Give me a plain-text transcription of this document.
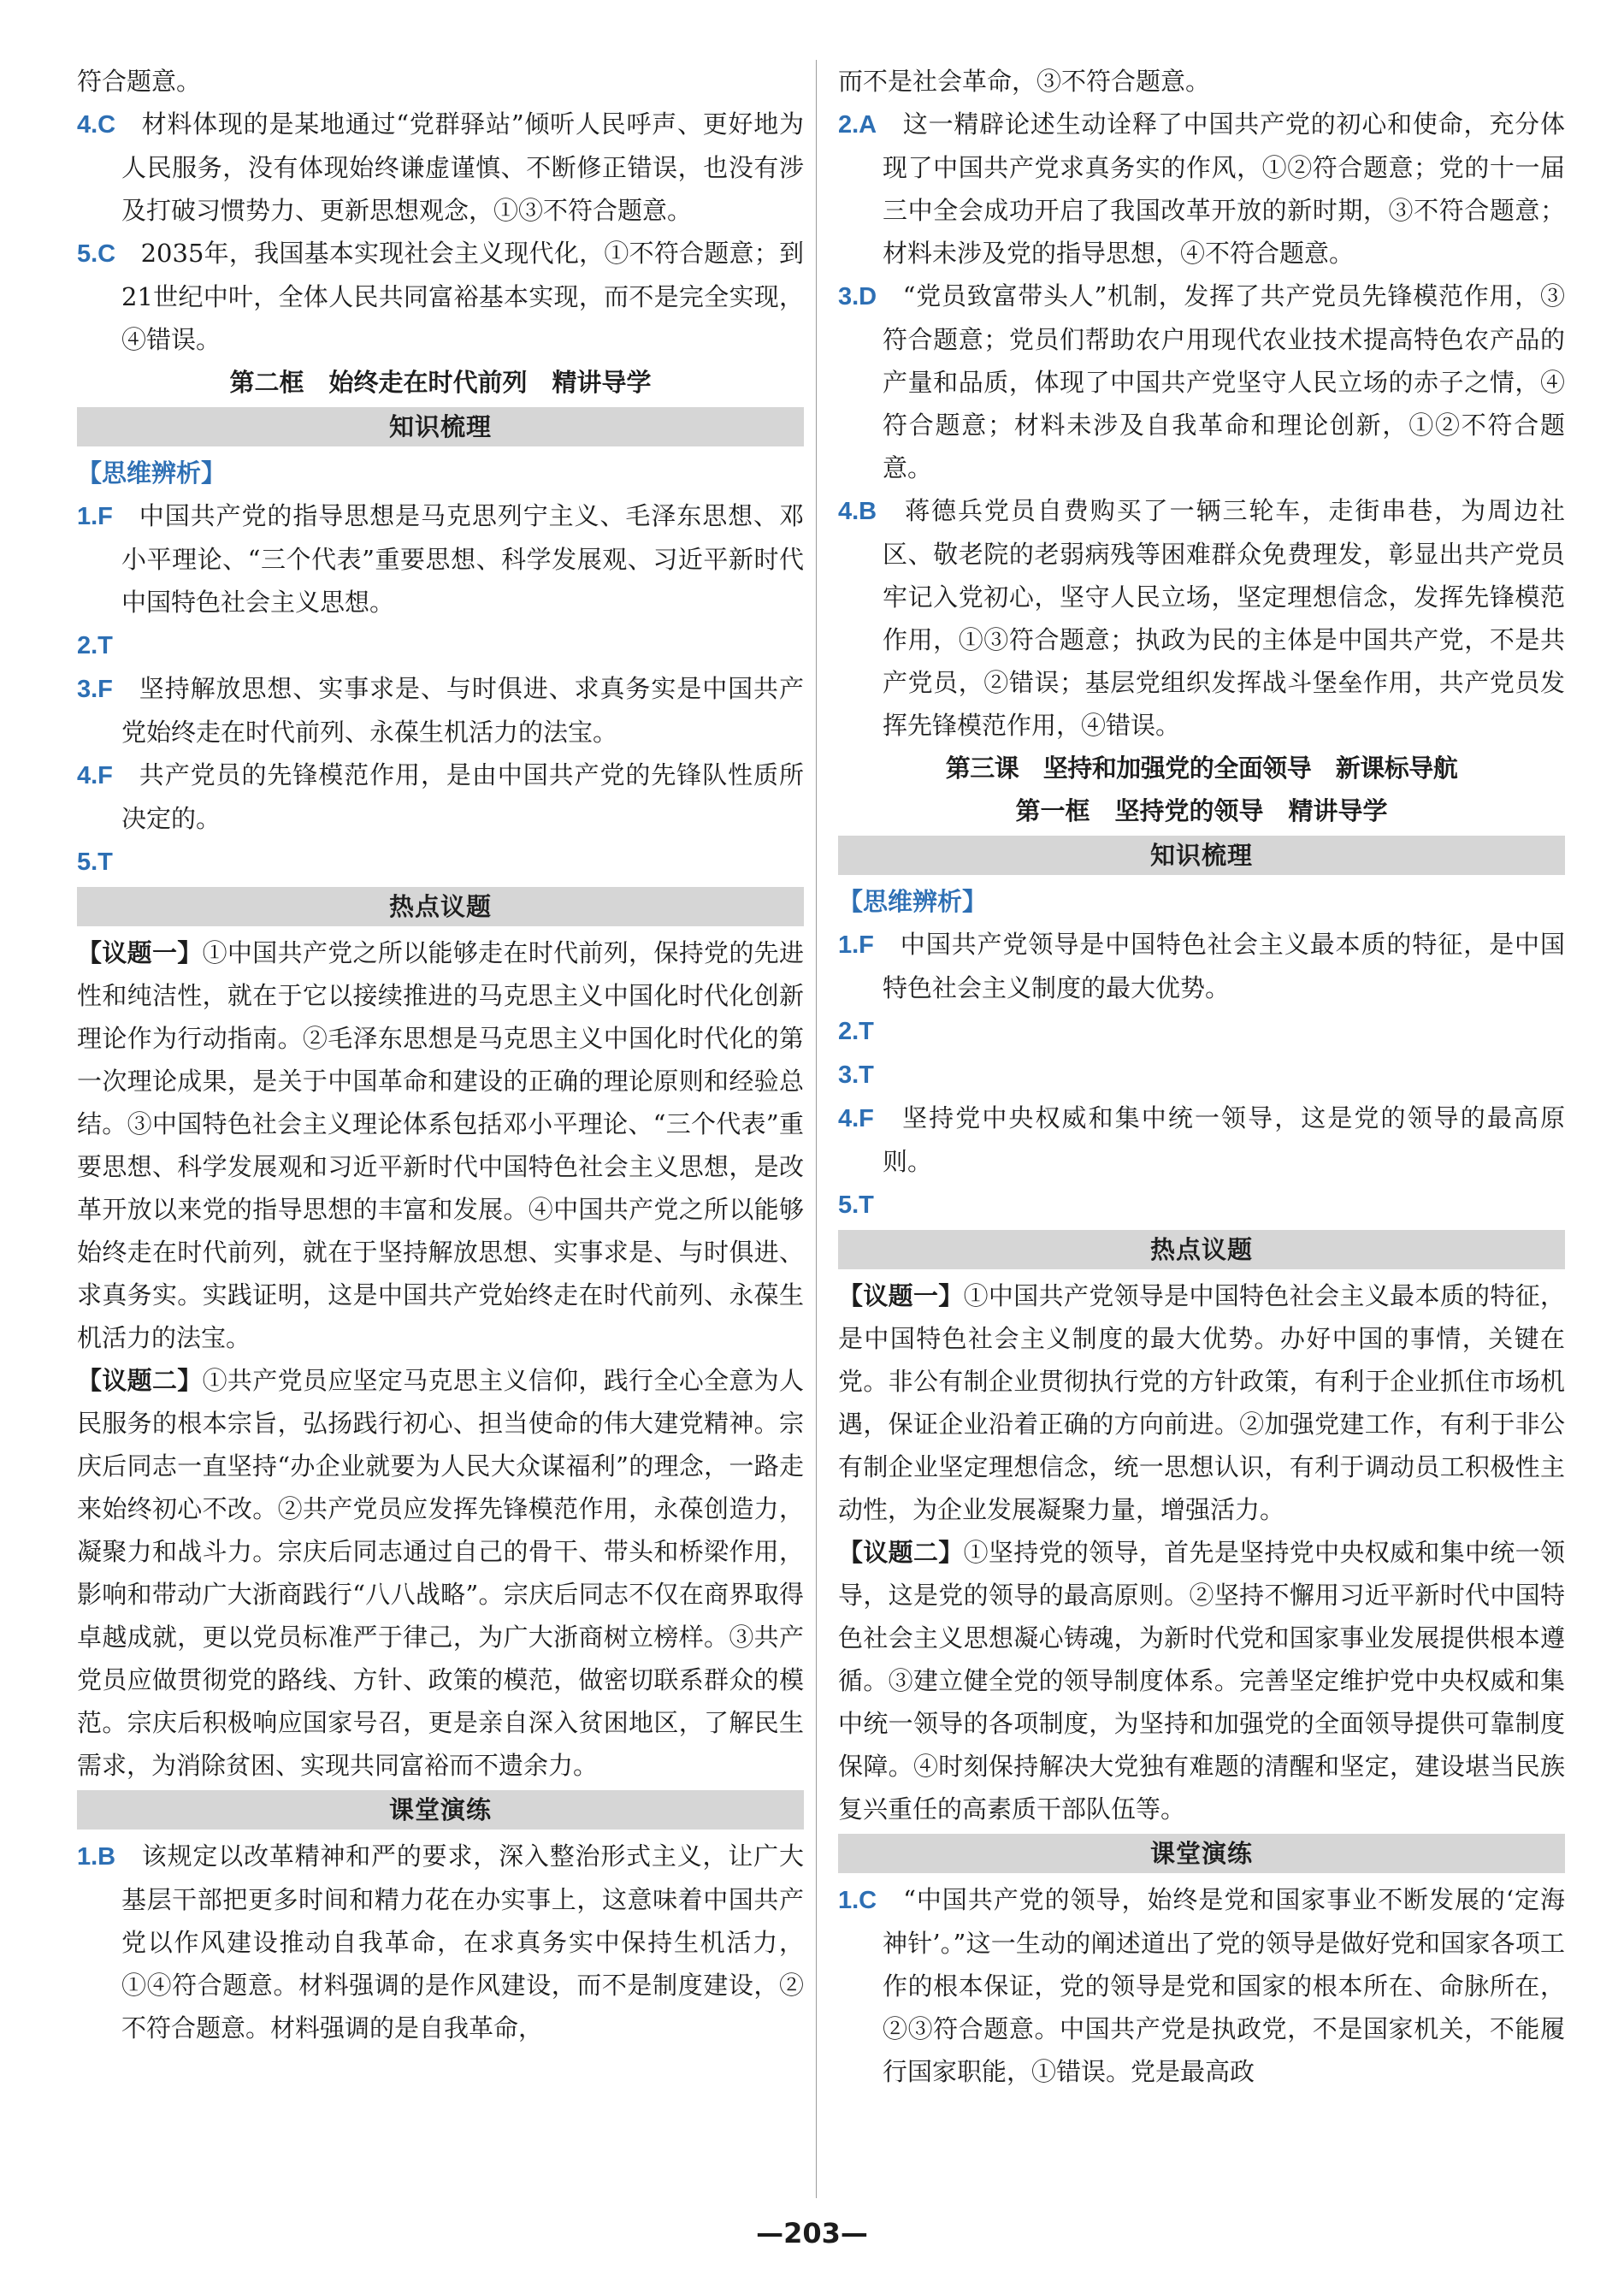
符合题意。

4.C　 材料体现的是某地通过“党群驿站”倾听人民呼声、更好地为人民服务，没有体现始终谦虚谨慎、不断修正错误，也没有涉及打破习惯势力、更新思想观念，①③不符合题意。

5.C　 2035年，我国基本实现社会主义现代化，①不符合题意；到21世纪中叶，全体人民共同富裕基本实现，而不是完全实现，④错误。

第二框　始终走在时代前列　精讲导学

知识梳理

【思维辨析】

1.F　 中国共产党的指导思想是马克思列宁主义、毛泽东思想、邓小平理论、“三个代表”重要思想、科学发展观、习近平新时代中国特色社会主义思想。

2.T

3.F　 坚持解放思想、实事求是、与时俱进、求真务实是中国共产党始终走在时代前列、永葆生机活力的法宝。

4.F　 共产党员的先锋模范作用，是由中国共产党的先锋队性质所决定的。

5.T

热点议题

【议题一】①中国共产党之所以能够走在时代前列，保持党的先进性和纯洁性，就在于它以接续推进的马克思主义中国化时代化创新理论作为行动指南。②毛泽东思想是马克思主义中国化时代化的第一次理论成果，是关于中国革命和建设的正确的理论原则和经验总结。③中国特色社会主义理论体系包括邓小平理论、“三个代表”重要思想、科学发展观和习近平新时代中国特色社会主义思想，是改革开放以来党的指导思想的丰富和发展。④中国共产党之所以能够始终走在时代前列，就在于坚持解放思想、实事求是、与时俱进、求真务实。实践证明，这是中国共产党始终走在时代前列、永葆生机活力的法宝。

【议题二】①共产党员应坚定马克思主义信仰，践行全心全意为人民服务的根本宗旨，弘扬践行初心、担当使命的伟大建党精神。宗庆后同志一直坚持“办企业就要为人民大众谋福利”的理念，一路走来始终初心不改。②共产党员应发挥先锋模范作用，永葆创造力，凝聚力和战斗力。宗庆后同志通过自己的骨干、带头和桥梁作用，影响和带动广大浙商践行“八八战略”。宗庆后同志不仅在商界取得卓越成就，更以党员标准严于律己，为广大浙商树立榜样。③共产党员应做贯彻党的路线、方针、政策的模范，做密切联系群众的模范。宗庆后积极响应国家号召，更是亲自深入贫困地区，了解民生需求，为消除贫困、实现共同富裕而不遗余力。

课堂演练

1.B　 该规定以改革精神和严的要求，深入整治形式主义，让广大基层干部把更多时间和精力花在办实事上，这意味着中国共产党以作风建设推动自我革命，在求真务实中保持生机活力，①④符合题意。材料强调的是作风建设，而不是制度建设，②不符合题意。材料强调的是自我革命，

而不是社会革命，③不符合题意。

2.A　 这一精辟论述生动诠释了中国共产党的初心和使命，充分体现了中国共产党求真务实的作风，①②符合题意；党的十一届三中全会成功开启了我国改革开放的新时期，③不符合题意；材料未涉及党的指导思想，④不符合题意。

3.D　 “党员致富带头人”机制，发挥了共产党员先锋模范作用，③符合题意；党员们帮助农户用现代农业技术提高特色农产品的产量和品质，体现了中国共产党坚守人民立场的赤子之情，④符合题意；材料未涉及自我革命和理论创新，①②不符合题意。

4.B　 蒋德兵党员自费购买了一辆三轮车，走街串巷，为周边社区、敬老院的老弱病残等困难群众免费理发，彰显出共产党员牢记入党初心，坚守人民立场，坚定理想信念，发挥先锋模范作用，①③符合题意；执政为民的主体是中国共产党，不是共产党员，②错误；基层党组织发挥战斗堡垒作用，共产党员发挥先锋模范作用，④错误。

第三课　坚持和加强党的全面领导　新课标导航

第一框　坚持党的领导　精讲导学

知识梳理

【思维辨析】

1.F　 中国共产党领导是中国特色社会主义最本质的特征，是中国特色社会主义制度的最大优势。

2.T

3.T

4.F　 坚持党中央权威和集中统一领导，这是党的领导的最高原则。

5.T

热点议题

【议题一】①中国共产党领导是中国特色社会主义最本质的特征，是中国特色社会主义制度的最大优势。办好中国的事情，关键在党。非公有制企业贯彻执行党的方针政策，有利于企业抓住市场机遇，保证企业沿着正确的方向前进。②加强党建工作，有利于非公有制企业坚定理想信念，统一思想认识，有利于调动员工积极性主动性，为企业发展凝聚力量，增强活力。

【议题二】①坚持党的领导，首先是坚持党中央权威和集中统一领导，这是党的领导的最高原则。②坚持不懈用习近平新时代中国特色社会主义思想凝心铸魂，为新时代党和国家事业发展提供根本遵循。③建立健全党的领导制度体系。完善坚定维护党中央权威和集中统一领导的各项制度，为坚持和加强党的全面领导提供可靠制度保障。④时刻保持解决大党独有难题的清醒和坚定，建设堪当民族复兴重任的高素质干部队伍等。

课堂演练

1.C　 “中国共产党的领导，始终是党和国家事业不断发展的‘定海神针’。”这一生动的阐述道出了党的领导是做好党和国家各项工作的根本保证，党的领导是党和国家的根本所在、命脉所在，②③符合题意。中国共产党是执政党，不是国家机关，不能履行国家职能，①错误。党是最高政

—203—
